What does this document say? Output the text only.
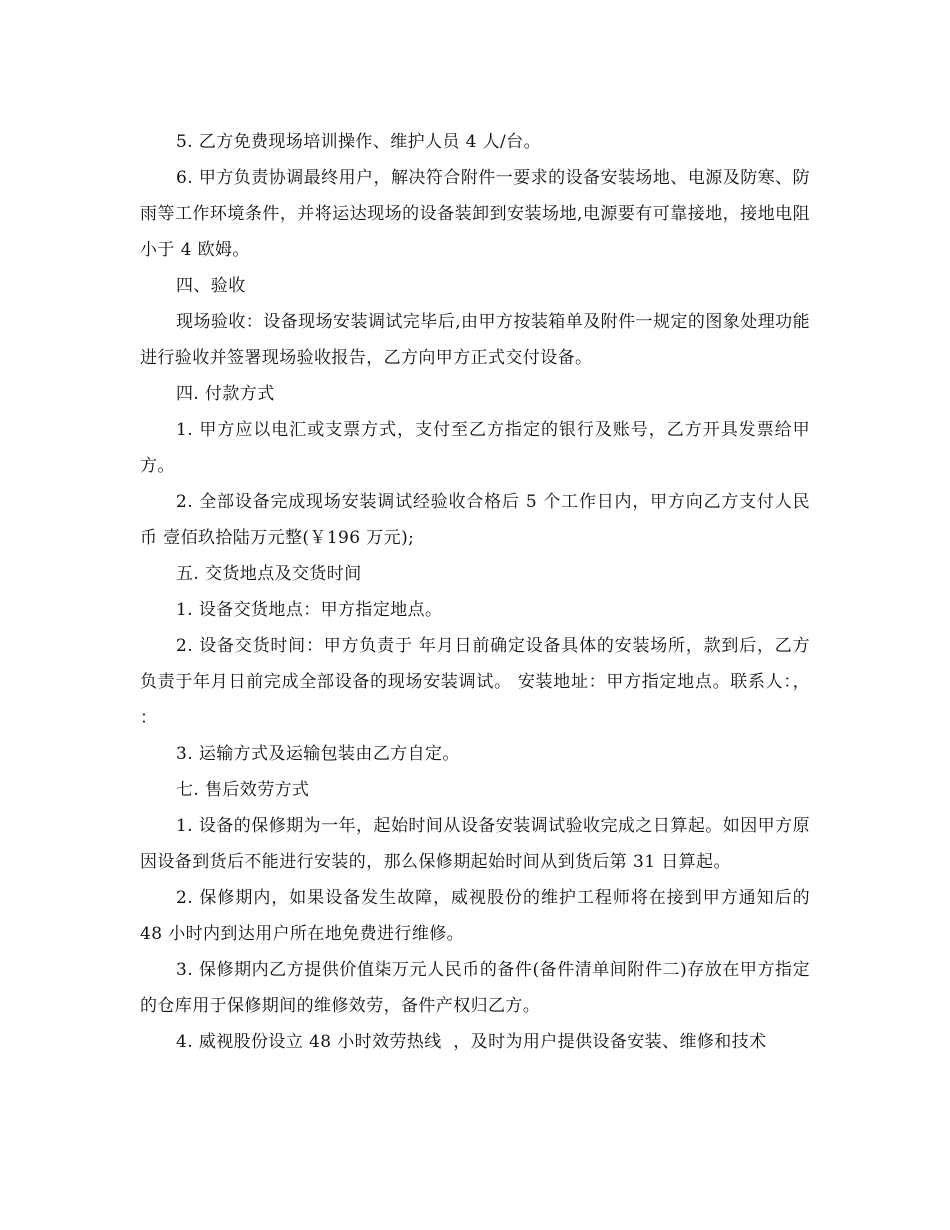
5. 乙方免费现场培训操作、维护人员 4 人/台。

6. 甲方负责协调最终用户，解决符合附件一要求的设备安装场地、电源及防寒、防雨等工作环境条件，并将运达现场的设备装卸到安装场地,电源要有可靠接地，接地电阻小于 4 欧姆。

四、验收

现场验收：设备现场安装调试完毕后,由甲方按装箱单及附件一规定的图象处理功能进行验收并签署现场验收报告，乙方向甲方正式交付设备。

四. 付款方式

1. 甲方应以电汇或支票方式，支付至乙方指定的银行及账号，乙方开具发票给甲方。

2. 全部设备完成现场安装调试经验收合格后 5 个工作日内，甲方向乙方支付人民币 壹佰玖拾陆万元整(￥196 万元);

五. 交货地点及交货时间

1. 设备交货地点：甲方指定地点。

2. 设备交货时间：甲方负责于 年月日前确定设备具体的安装场所，款到后，乙方负责于年月日前完成全部设备的现场安装调试。 安装地址：甲方指定地点。联系人：，     ：

3. 运输方式及运输包装由乙方自定。

七. 售后效劳方式

1. 设备的保修期为一年，起始时间从设备安装调试验收完成之日算起。如因甲方原因设备到货后不能进行安装的，那么保修期起始时间从到货后第 31 日算起。

2. 保修期内，如果设备发生故障，威视股份的维护工程师将在接到甲方通知后的 48 小时内到达用户所在地免费进行维修。

3. 保修期内乙方提供价值柒万元人民币的备件(备件清单间附件二)存放在甲方指定的仓库用于保修期间的维修效劳，备件产权归乙方。

4. 威视股份设立 48 小时效劳热线  ，及时为用户提供设备安装、维修和技术
